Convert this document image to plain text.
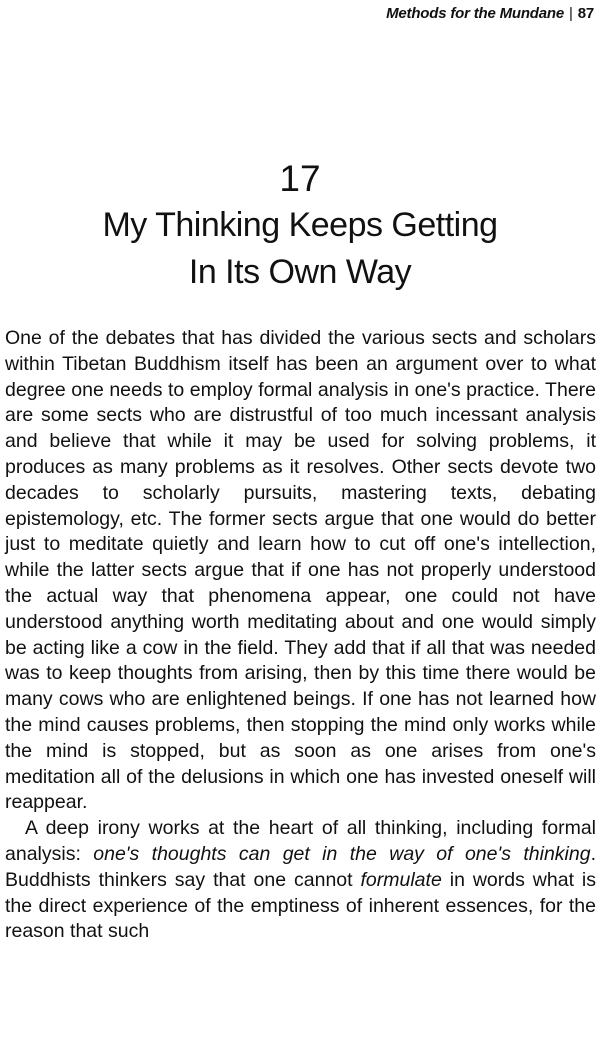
Methods for the Mundane | 87
17
My Thinking Keeps Getting
In Its Own Way

One of the debates that has divided the various sects and scholars within Tibetan Buddhism itself has been an argument over to what degree one needs to employ formal analysis in one's practice. There are some sects who are distrustful of too much incessant analysis and believe that while it may be used for solving problems, it produces as many problems as it resolves. Other sects devote two decades to scholarly pursuits, mastering texts, debating epistemology, etc. The former sects argue that one would do better just to meditate quietly and learn how to cut off one's intellection, while the latter sects argue that if one has not properly understood the actual way that phenomena appear, one could not have understood anything worth meditating about and one would simply be acting like a cow in the field. They add that if all that was needed was to keep thoughts from arising, then by this time there would be many cows who are enlightened beings. If one has not learned how the mind causes problems, then stopping the mind only works while the mind is stopped, but as soon as one arises from one's meditation all of the delusions in which one has invested oneself will reappear.

A deep irony works at the heart of all thinking, including formal analysis: one's thoughts can get in the way of one's thinking. Buddhists thinkers say that one cannot formulate in words what is the direct experience of the emptiness of inherent essences, for the reason that such
